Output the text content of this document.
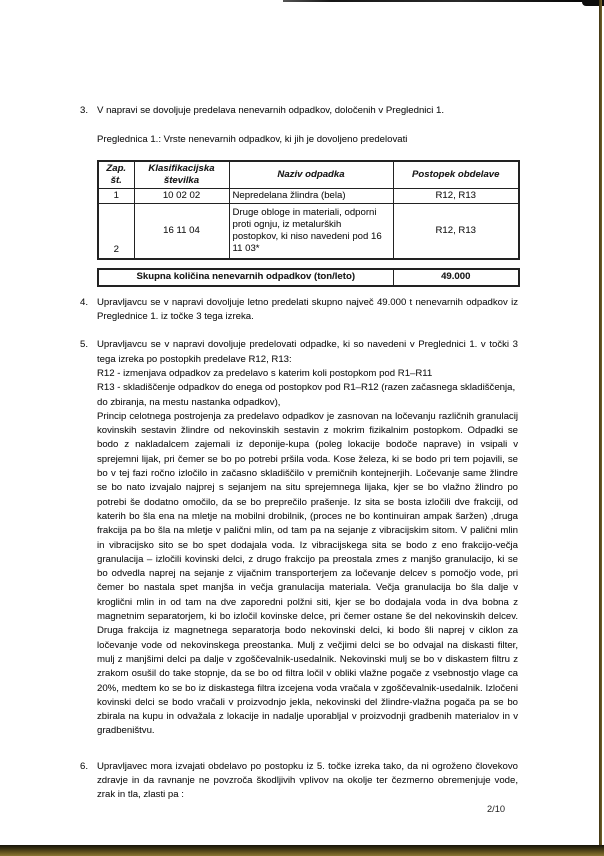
3. V napravi se dovoljuje predelava nenevarnih odpadkov, določenih v Preglednici 1.
Preglednica 1.: Vrste nenevarnih odpadkov, ki jih je dovoljeno predelovati
Zap. št.	Klasifikacijska številka	Naziv odpadka	Postopek obdelave
1	10 02 02	Nepredelana žlindra (bela)	R12, R13
2	16 11 04	Druge obloge in materiali, odporni proti ognju, iz metalurških postopkov, ki niso navedeni pod 16 11 03*	R12, R13
Skupna količina nenevarnih odpadkov (ton/leto)	49.000
4. Upravljavcu se v napravi dovoljuje letno predelati skupno največ 49.000 t nenevarnih odpadkov iz Preglednice 1. iz točke 3 tega izreka.
5. Upravljavcu se v napravi dovoljuje predelovati odpadke, ki so navedeni v Preglednici 1. v točki 3 tega izreka po postopkih predelave R12, R13:

R12 - izmenjava odpadkov za predelavo s katerim koli postopkom pod R1–R11

R13 - skladiščenje odpadkov do enega od postopkov pod R1–R12 (razen začasnega skladiščenja, do zbiranja, na mestu nastanka odpadkov),

Princip celotnega postrojenja za predelavo odpadkov je zasnovan na ločevanju različnih granulacij kovinskih sestavin žlindre od nekovinskih sestavin z mokrim fizikalnim postopkom. Odpadki se bodo z nakladalcem zajemali iz deponije-kupa (poleg lokacije bodoče naprave) in vsipali v sprejemni lijak, pri čemer se bo po potrebi pršila voda. Kose železa, ki se bodo pri tem pojavili, se bo v tej fazi ročno izločilo in začasno skladiščilo v premičnih kontejnerjih. Ločevanje same žlindre se bo nato izvajalo najprej s sejanjem na situ sprejemnega lijaka, kjer se bo vlažno žlindro po potrebi še dodatno omočilo, da se bo preprečilo prašenje. Iz sita se bosta izločili dve frakciji, od katerih bo šla ena na mletje na mobilni drobilnik, (proces ne bo kontinuiran ampak šaržen) ,druga frakcija pa bo šla na mletje v palični mlin, od tam pa na sejanje z vibracijskim sitom. V palični mlin in vibracijsko sito se bo spet dodajala voda. Iz vibracijskega sita se bodo z eno frakcijo-večja granulacija – izločili kovinski delci, z drugo frakcijo pa preostala zmes z manjšo granulacijo, ki se bo odvedla naprej na sejanje z vijačnim transporterjem za ločevanje delcev s pomočjo vode, pri čemer bo nastala spet manjša in večja granulacija materiala. Večja granulacija bo šla dalje v kroglični mlin in od tam na dve zaporedni polžni siti, kjer se bo dodajala voda in dva bobna z magnetnim separatorjem, ki bo izločil kovinske delce, pri čemer ostane še del nekovinskih delcev. Druga frakcija iz magnetnega separatorja bodo nekovinski delci, ki bodo šli naprej v ciklon za ločevanje vode od nekovinskega preostanka. Mulj z večjimi delci se bo odvajal na diskasti filter, mulj z manjšimi delci pa dalje v zgoščevalnik-usedalnik. Nekovinski mulj se bo v diskastem filtru z zrakom osušil do take stopnje, da se bo od filtra ločil v obliki vlažne pogače z vsebnostjo vlage ca 20%, medtem ko se bo iz diskastega filtra izcejena voda vračala v zgoščevalnik-usedalnik. Izločeni kovinski delci se bodo vračali v proizvodnjo jekla, nekovinski del žlindre-vlažna pogača pa se bo zbirala na kupu in odvažala z lokacije in nadalje uporabljal v proizvodnji gradbenih materialov in v gradbeništvu.

6. Upravljavec mora izvajati obdelavo po postopku iz 5. točke izreka tako, da ni ogroženo človekovo zdravje in da ravnanje ne povzroča škodljivih vplivov na okolje ter čezmerno obremenjuje vode, zrak in tla, zlasti pa :
2/10
